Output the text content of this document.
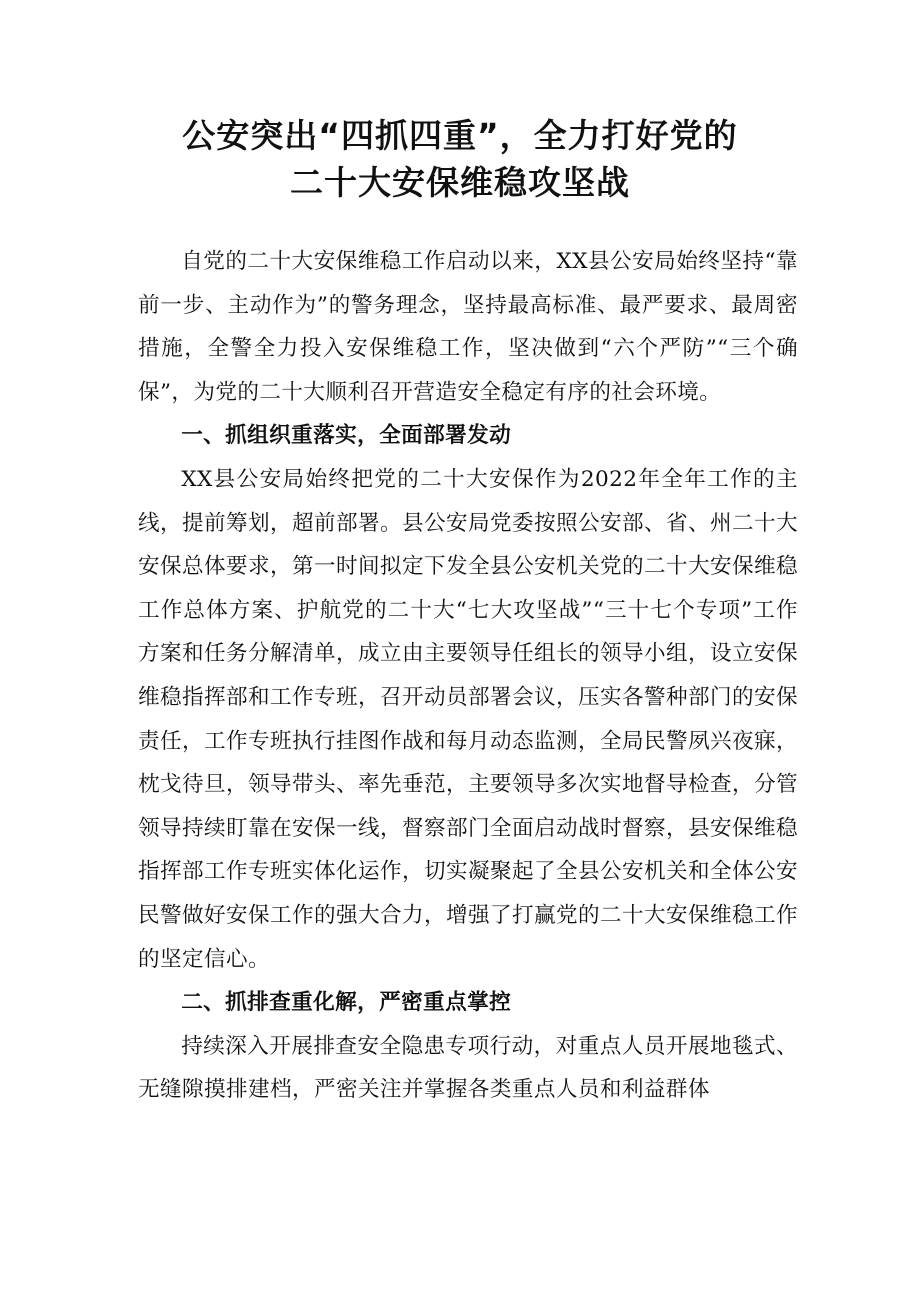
公安突出“四抓四重”，全力打好党的
二十大安保维稳攻坚战

自党的二十大安保维稳工作启动以来，XX县公安局始终坚持“靠前一步、主动作为”的警务理念，坚持最高标准、最严要求、最周密措施，全警全力投入安保维稳工作，坚决做到“六个严防”“三个确保”，为党的二十大顺利召开营造安全稳定有序的社会环境。

一、抓组织重落实，全面部署发动

XX县公安局始终把党的二十大安保作为2022年全年工作的主线，提前筹划，超前部署。县公安局党委按照公安部、省、州二十大安保总体要求，第一时间拟定下发全县公安机关党的二十大安保维稳工作总体方案、护航党的二十大“七大攻坚战”“三十七个专项”工作方案和任务分解清单，成立由主要领导任组长的领导小组，设立安保维稳指挥部和工作专班，召开动员部署会议，压实各警种部门的安保责任，工作专班执行挂图作战和每月动态监测，全局民警夙兴夜寐，枕戈待旦，领导带头、率先垂范，主要领导多次实地督导检查，分管领导持续盯靠在安保一线，督察部门全面启动战时督察，县安保维稳指挥部工作专班实体化运作，切实凝聚起了全县公安机关和全体公安民警做好安保工作的强大合力，增强了打赢党的二十大安保维稳工作的坚定信心。

二、抓排查重化解，严密重点掌控

持续深入开展排查安全隐患专项行动，对重点人员开展地毯式、无缝隙摸排建档，严密关注并掌握各类重点人员和利益群体
